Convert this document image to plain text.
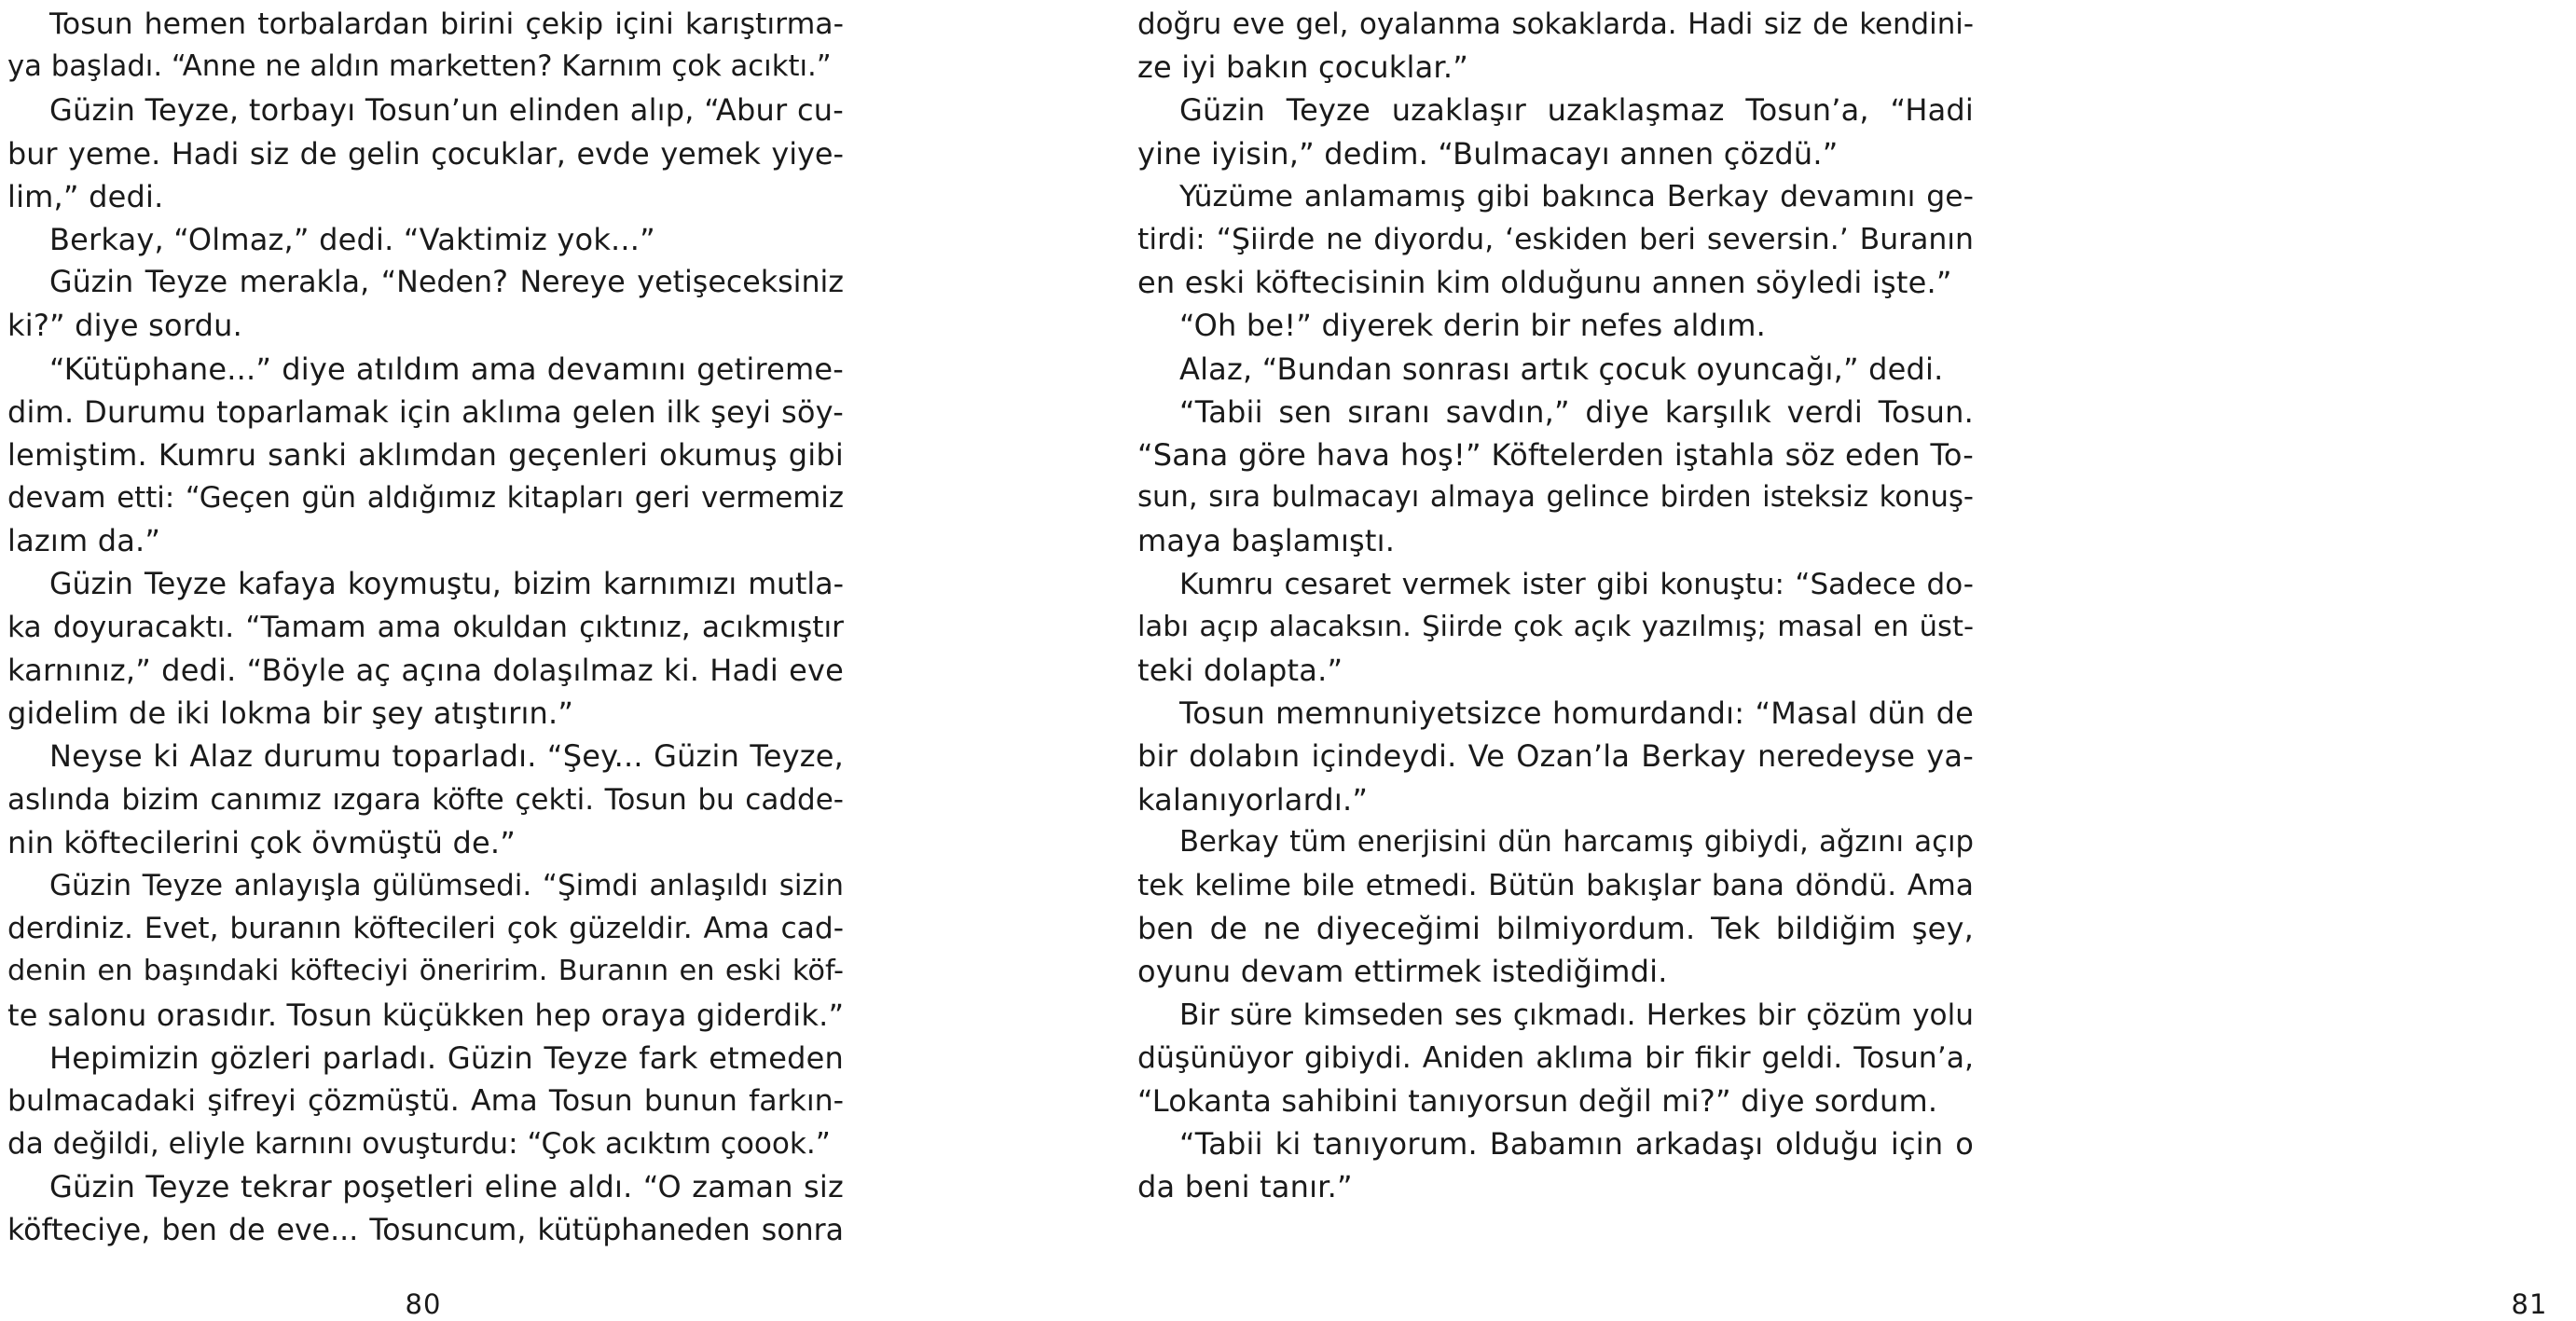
Tosun hemen torbalardan birini çekip içini karıştırma-
ya başladı. “Anne ne aldın marketten? Karnım çok acıktı.”
Güzin Teyze, torbayı Tosun’un elinden alıp, “Abur cu-
bur yeme. Hadi siz de gelin çocuklar, evde yemek yiye-
lim,” dedi.
Berkay, “Olmaz,” dedi. “Vaktimiz yok...”
Güzin Teyze merakla, “Neden? Nereye yetişeceksiniz
ki?” diye sordu.
“Kütüphane...” diye atıldım ama devamını getireme-
dim. Durumu toparlamak için aklıma gelen ilk şeyi söy-
lemiştim. Kumru sanki aklımdan geçenleri okumuş gibi
devam etti: “Geçen gün aldığımız kitapları geri vermemiz
lazım da.”
Güzin Teyze kafaya koymuştu, bizim karnımızı mutla-
ka doyuracaktı. “Tamam ama okuldan çıktınız, acıkmıştır
karnınız,” dedi. “Böyle aç açına dolaşılmaz ki. Hadi eve
gidelim de iki lokma bir şey atıştırın.”
Neyse ki Alaz durumu toparladı. “Şey... Güzin Teyze,
aslında bizim canımız ızgara köfte çekti. Tosun bu cadde-
nin köftecilerini çok övmüştü de.”
Güzin Teyze anlayışla gülümsedi. “Şimdi anlaşıldı sizin
derdiniz. Evet, buranın köftecileri çok güzeldir. Ama cad-
denin en başındaki köfteciyi öneririm. Buranın en eski köf-
te salonu orasıdır. Tosun küçükken hep oraya giderdik.”
Hepimizin gözleri parladı. Güzin Teyze fark etmeden
bulmacadaki şifreyi çözmüştü. Ama Tosun bunun farkın-
da değildi, eliyle karnını ovuşturdu: “Çok acıktım çoook.”
Güzin Teyze tekrar poşetleri eline aldı. “O zaman siz
köfteciye, ben de eve... Tosuncum, kütüphaneden sonra
80
doğru eve gel, oyalanma sokaklarda. Hadi siz de kendini-
ze iyi bakın çocuklar.”
Güzin Teyze uzaklaşır uzaklaşmaz Tosun’a, “Hadi
yine iyisin,” dedim. “Bulmacayı annen çözdü.”
Yüzüme anlamamış gibi bakınca Berkay devamını ge-
tirdi: “Şiirde ne diyordu, ‘eskiden beri seversin.’ Buranın
en eski köftecisinin kim olduğunu annen söyledi işte.”
“Oh be!” diyerek derin bir nefes aldım.
Alaz, “Bundan sonrası artık çocuk oyuncağı,” dedi.
“Tabii sen sıranı savdın,” diye karşılık verdi Tosun.
“Sana göre hava hoş!” Köftelerden iştahla söz eden To-
sun, sıra bulmacayı almaya gelince birden isteksiz konuş-
maya başlamıştı.
Kumru cesaret vermek ister gibi konuştu: “Sadece do-
labı açıp alacaksın. Şiirde çok açık yazılmış; masal en üst-
teki dolapta.”
Tosun memnuniyetsizce homurdandı: “Masal dün de
bir dolabın içindeydi. Ve Ozan’la Berkay neredeyse ya-
kalanıyorlardı.”
Berkay tüm enerjisini dün harcamış gibiydi, ağzını açıp
tek kelime bile etmedi. Bütün bakışlar bana döndü. Ama
ben de ne diyeceğimi bilmiyordum. Tek bildiğim şey,
oyunu devam ettirmek istediğimdi.
Bir süre kimseden ses çıkmadı. Herkes bir çözüm yolu
düşünüyor gibiydi. Aniden aklıma bir fikir geldi. Tosun’a,
“Lokanta sahibini tanıyorsun değil mi?” diye sordum.
“Tabii ki tanıyorum. Babamın arkadaşı olduğu için o
da beni tanır.”
81
